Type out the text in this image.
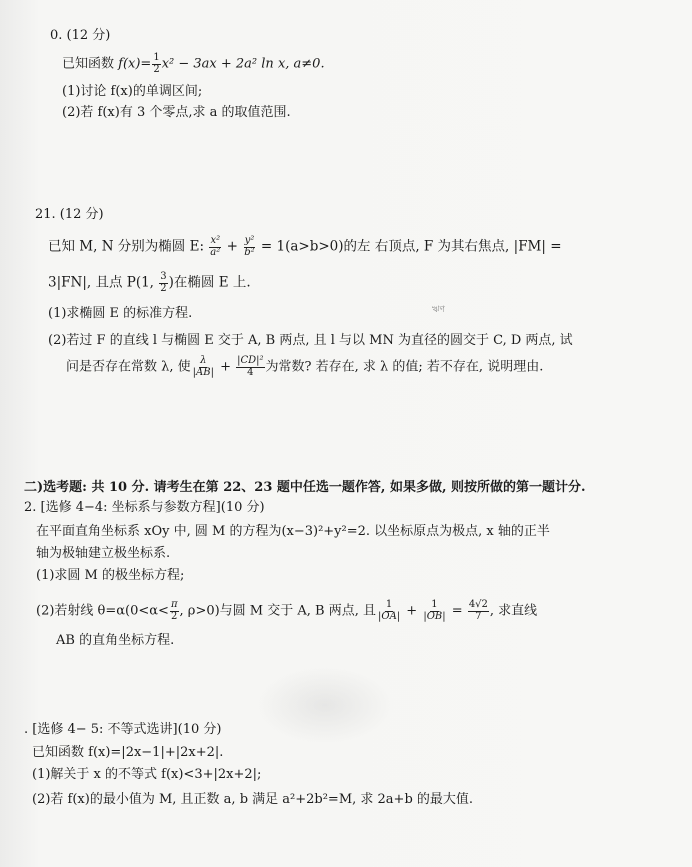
0. (12 分)
已知函数 $f(x)= \frac{1}{2} x^2 - 3ax + 2a^2$ ln x, a≠0.
(1)讨论 f(x)的单调区间;
(2)若 f(x)有 3 个零点,求 a 的取值范围.
21. (12 分)
已知 M, N 分别为椭圆 E: $\frac{\text{x²}}{\text{a²}} + \frac{\text{y²}}{\text{b²}} = 1(a>b>0)$的左 右顶点, F 为其右焦点, |FM| =
3|FN|, 且点 P(1, $\frac{3}{2}$ )在椭圆 E 上.
(1)求椭圆 E 的标准方程.	ঋণ
(2)若过 F 的直线 l 与椭圆 E 交于 A, B 两点, 且 l 与以 MN 为直径的圆交于 C, D 两点, 试
问是否存在常数 λ, 使 $\frac{\lambda}{|AB|} + \frac{\text{|CD|²}}{4}$ 为常数? 若存在, 求 λ 的值; 若不存在, 说明理由.
二)选考题: 共 10 分. 请考生在第 22、23 题中任选一题作答, 如果多做, 则按所做的第一题计分.
2. [选修 4−4: 坐标系与参数方程](10 分)
在平面直角坐标系 xOy 中, 圆 M 的方程为(x−3)²+y²=2. 以坐标原点为极点, x 轴的正半
轴为极轴建立极坐标系.
(1)求圆 M 的极坐标方程;
(2)若射线 $\theta=\alpha(0<\alpha< \frac{\pi}{2}$ , ρ>0)与圆 M 交于 A, B 两点, 且 $\frac{1}{|OA|} + \frac{1}{|OB|} = \frac{4√2}{7}$ , 求直线
AB 的直角坐标方程.
. [选修 4− 5: 不等式选讲](10 分)
已知函数 f(x)=|2x−1|+|2x+2|.
(1)解关于 x 的不等式 f(x)<3+|2x+2|;
(2)若 f(x)的最小值为 M, 且正数 a, b 满足 a²+2b²=M, 求 2a+b 的最大值.
